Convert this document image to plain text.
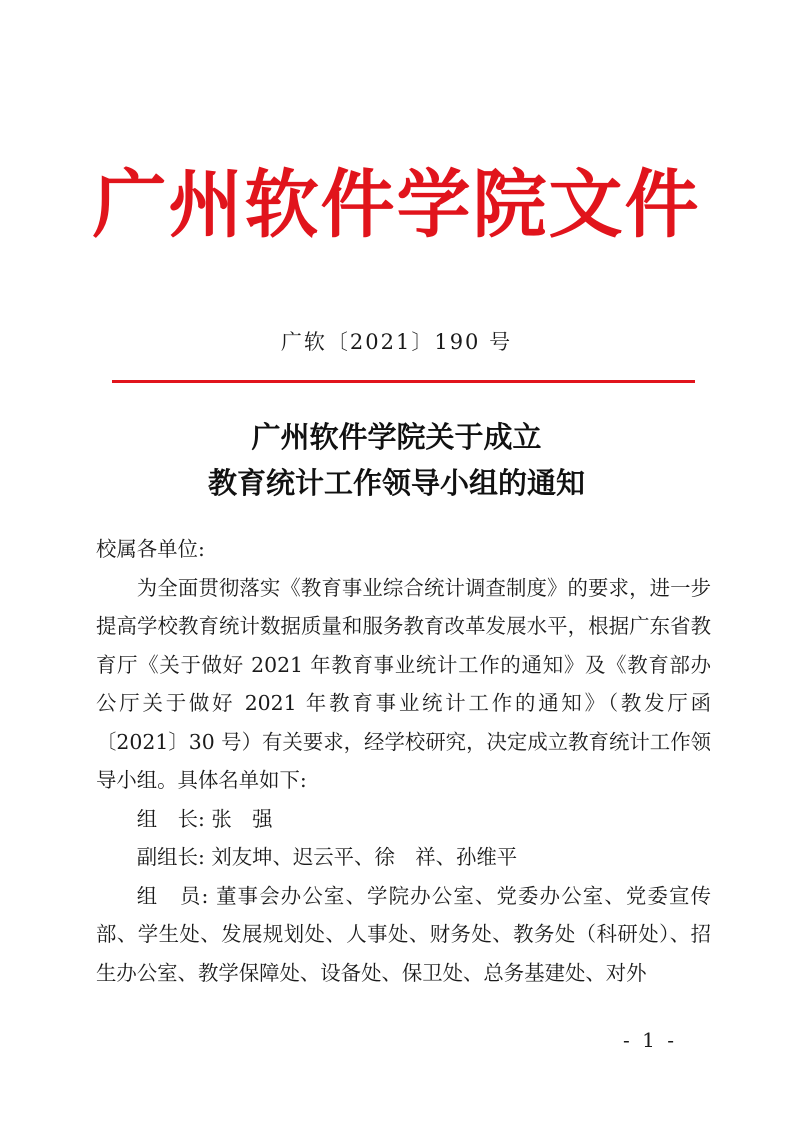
广州软件学院文件
广软〔2021〕190 号
广州软件学院关于成立
教育统计工作领导小组的通知

校属各单位:

为全面贯彻落实《教育事业综合统计调查制度》的要求，进一步提高学校教育统计数据质量和服务教育改革发展水平，根据广东省教育厅《关于做好 2021 年教育事业统计工作的通知》及《教育部办公厅关于做好 2021 年教育事业统计工作的通知》（教发厅函〔2021〕30 号）有关要求，经学校研究，决定成立教育统计工作领导小组。具体名单如下:

组　长: 张　强

副组长: 刘友坤、迟云平、徐　祥、孙维平

组　员: 董事会办公室、学院办公室、党委办公室、党委宣传部、学生处、发展规划处、人事处、财务处、教务处（科研处）、招生办公室、教学保障处、设备处、保卫处、总务基建处、对外

- 1 -
